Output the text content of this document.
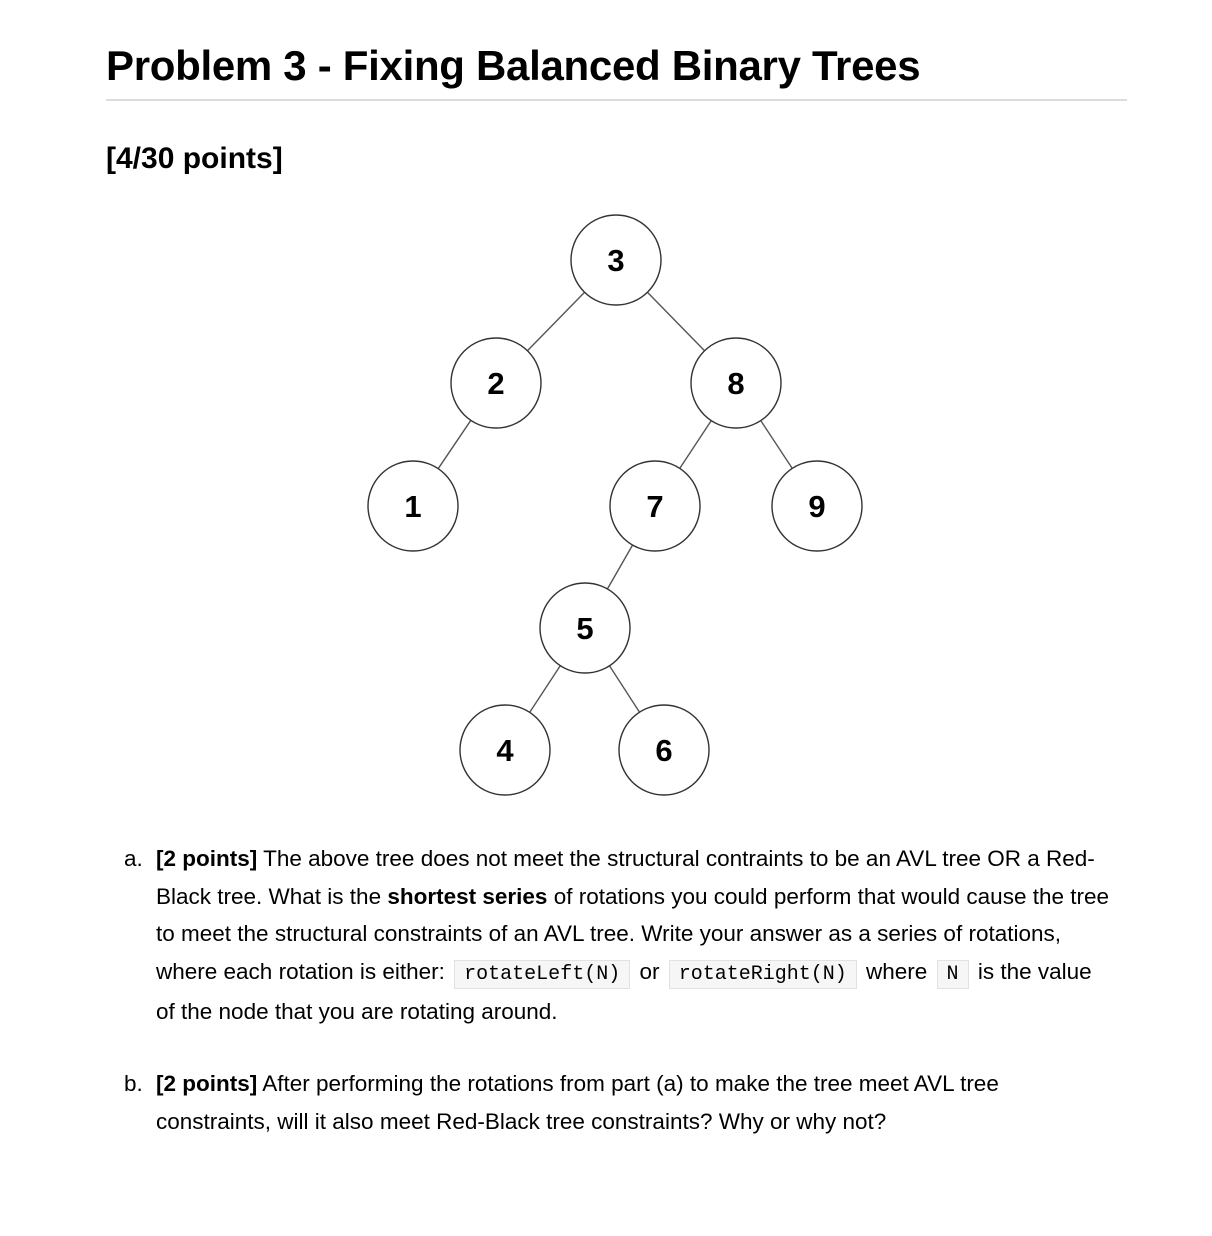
Problem 3 - Fixing Balanced Binary Trees
[4/30 points]
3
2	8
1	7	9
5
4	6
a. [2 points] The above tree does not meet the structural contraints to be an AVL tree OR a Red-Black tree. What is the shortest series of rotations you could perform that would cause the tree to meet the structural constraints of an AVL tree. Write your answer as a series of rotations, where each rotation is either: rotateLeft(N) or rotateRight(N) where N is the value of the node that you are rotating around.
b. [2 points] After performing the rotations from part (a) to make the tree meet AVL tree constraints, will it also meet Red-Black tree constraints? Why or why not?
